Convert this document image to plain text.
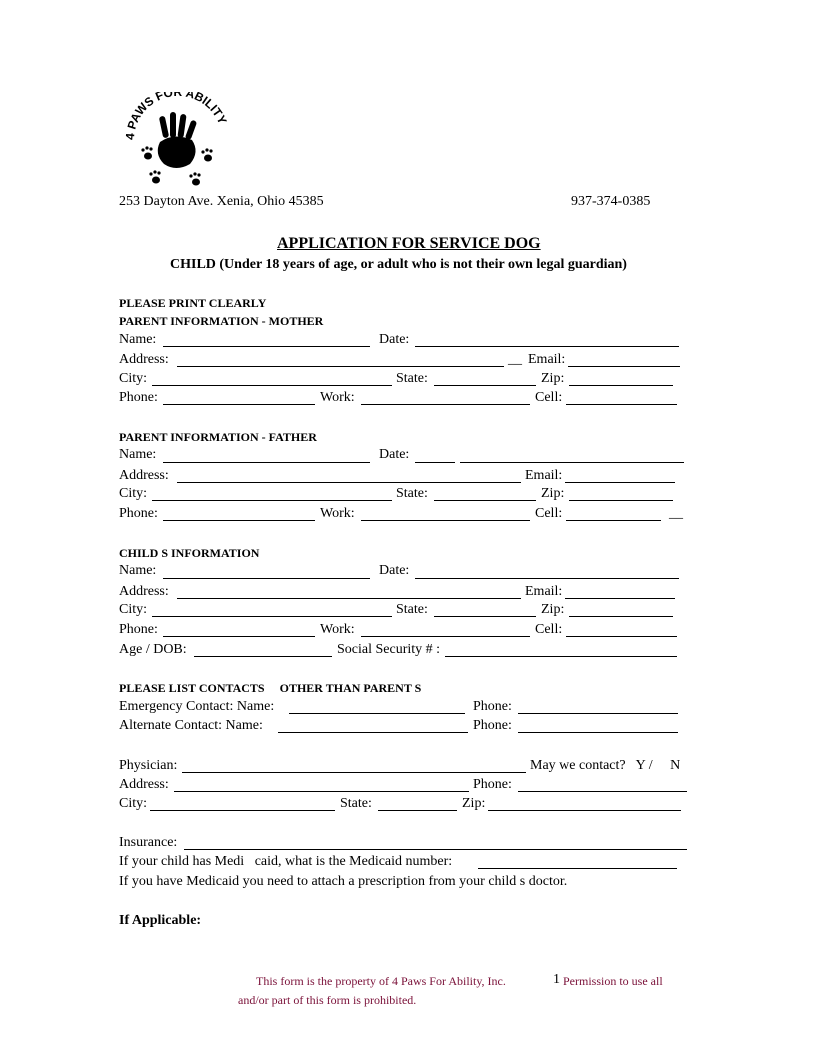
4 PAWS FOR ABILITY
253 Dayton Ave. Xenia, Ohio 45385	937-374-0385
APPLICATION FOR SERVICE DOG
CHILD (Under 18 years of age, or adult who is not their own legal guardian)
PLEASE PRINT CLEARLY
PARENT INFORMATION - MOTHER
Name:	Date:
Address:	__ Email:
City:	State:	Zip:
Phone:	Work:	Cell:
PARENT INFORMATION - FATHER
Name:	Date:
Address:	Email:
City:	State:	Zip:
Phone:	Work:	Cell:	__
CHILD S INFORMATION
Name:	Date:
Address:	Email:
City:	State:	Zip:
Phone:	Work:	Cell:
Age / DOB:	Social Security # :
PLEASE LIST CONTACTS     OTHER THAN PARENT S
Emergency Contact: Name:	Phone:
Alternate Contact: Name:	Phone:
Physician:	May we contact?   Y /     N
Address:	Phone:
City:	State:	Zip:
Insurance:
If your child has Medi   caid, what is the Medicaid number:
If you have Medicaid you need to attach a prescription from your child s doctor.
If Applicable:
This form is the property of 4 Paws For Ability, Inc.	1 Permission to use all
and/or part of this form is prohibited.
